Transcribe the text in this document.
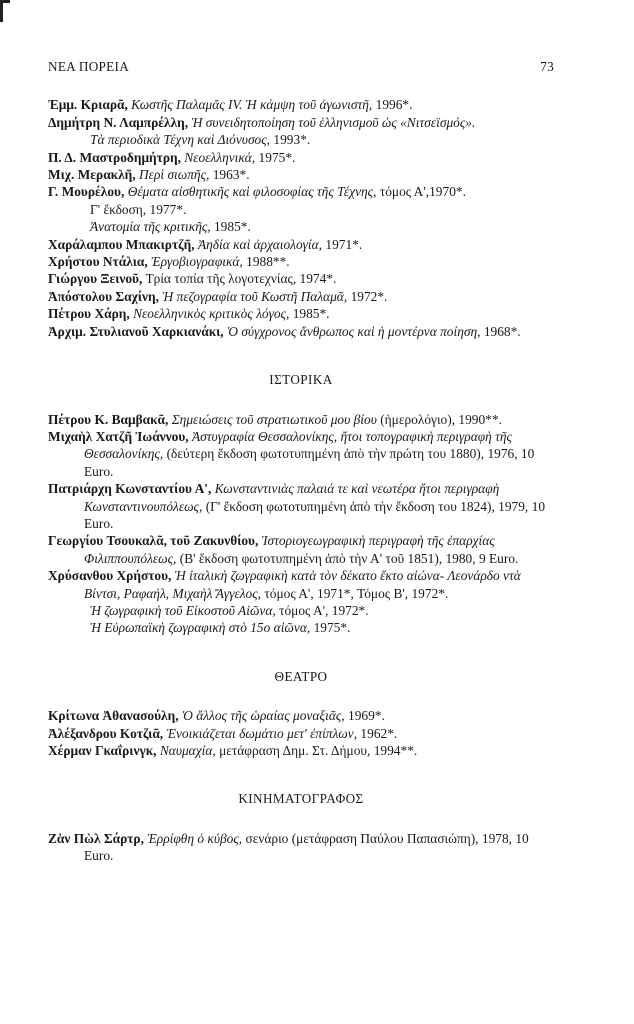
ΝΕΑ ΠΟΡΕΙΑ	73

Ἐμμ. Κριαρᾶ, Κωστῆς Παλαμᾶς IV. Ἡ κάμψη τοῦ ἀγωνιστῆ, 1996*.

Δημήτρη Ν. Λαμπρέλλη, Ἡ συνειδητοποίηση τοῦ ἑλληνισμοῦ ὡς «Νιτσεϊσμός».

Τὰ περιοδικὰ Τέχνη καὶ Διόνυσος, 1993*.

Π. Δ. Μαστροδημήτρη, Νεοελληνικά, 1975*.

Μιχ. Μερακλῆ, Περὶ σιωπῆς, 1963*.

Γ. Μουρέλου, Θέματα αἰσθητικῆς καὶ φιλοσοφίας τῆς Τέχνης, τόμος Α',1970*.

Γ' ἔκδοση, 1977*.

Ἀνατομία τῆς κριτικῆς, 1985*.

Χαράλαμπου Μπακιρτζῆ, Ἀηδία καὶ ἀρχαιολογία, 1971*.

Χρήστου Ντάλια, Ἐργοβιογραφικά, 1988**.

Γιώργου Ξεινοῦ, Τρία τοπία τῆς λογοτεχνίας, 1974*.

Ἀπόστολου Σαχίνη, Ἡ πεζογραφία τοῦ Κωστῆ Παλαμᾶ, 1972*.

Πέτρου Χάρη, Νεοελληνικὸς κριτικὸς λόγος, 1985*.

Ἀρχιμ. Στυλιανοῦ Χαρκιανάκι, Ὁ σύγχρονος ἄνθρωπος καὶ ἡ μοντέρνα ποίηση, 1968*.

ΙΣΤΟΡΙΚΑ

Πέτρου Κ. Βαμβακᾶ, Σημειώσεις τοῦ στρατιωτικοῦ μου βίου (ἡμερολόγιο), 1990**.

Μιχαὴλ Χατζῆ Ἰωάννου, Ἀστυγραφία Θεσσαλονίκης, ἤτοι τοπογραφικὴ περιγραφὴ τῆς Θεσσαλονίκης, (δεύτερη ἔκδοση φωτοτυπημένη ἀπὸ τὴν πρώτη του 1880), 1976, 10 Euro.

Πατριάρχη Κωνσταντίου Α', Κωνσταντινιὰς παλαιά τε καὶ νεωτέρα ἤτοι περιγραφὴ Κωνσταντινουπόλεως, (Γ' ἔκδοση φωτοτυπημένη ἀπὸ τὴν ἔκδοση του 1824), 1979, 10 Euro.

Γεωργίου Τσουκαλᾶ, τοῦ Ζακυνθίου, Ἱστοριογεωγραφικὴ περιγραφὴ τῆς ἐπαρχίας Φιλιππουπόλεως, (Β' ἔκδοση φωτοτυπημένη ἀπὸ τὴν Α' τοῦ 1851), 1980, 9 Euro.

Χρύσανθου Χρήστου, Ἡ ἰταλικὴ ζωγραφικὴ κατὰ τὸν δέκατο ἕκτο αἰώνα- Λεονάρδο ντὰ Βίντσι, Ραφαήλ, Μιχαὴλ Ἄγγελος, τόμος Α', 1971*, Τόμος Β', 1972*.

Ἡ ζωγραφικὴ τοῦ Εἰκοστοῦ Αἰῶνα, τόμος Α', 1972*.

Ἡ Εὐρωπαϊκὴ ζωγραφικὴ στὸ 15ο αἰῶνα, 1975*.

ΘΕΑΤΡΟ

Κρίτωνα Ἀθανασούλη, Ὁ ἄλλος τῆς ὡραίας μοναξιᾶς, 1969*.

Ἀλέξανδρου Κοτζιᾶ, Ἐνοικιάζεται δωμάτιο μετ' ἐπίπλων, 1962*.

Χέρμαν Γκαΐρινγκ, Ναυμαχία, μετάφραση Δημ. Στ. Δήμου, 1994**.

ΚΙΝΗΜΑΤΟΓΡΑΦΟΣ

Ζὰν Πὼλ Σάρτρ, Ἐρρίφθη ὁ κύβος, σενάριο (μετάφραση Παύλου Παπασιώπη), 1978, 10 Euro.
